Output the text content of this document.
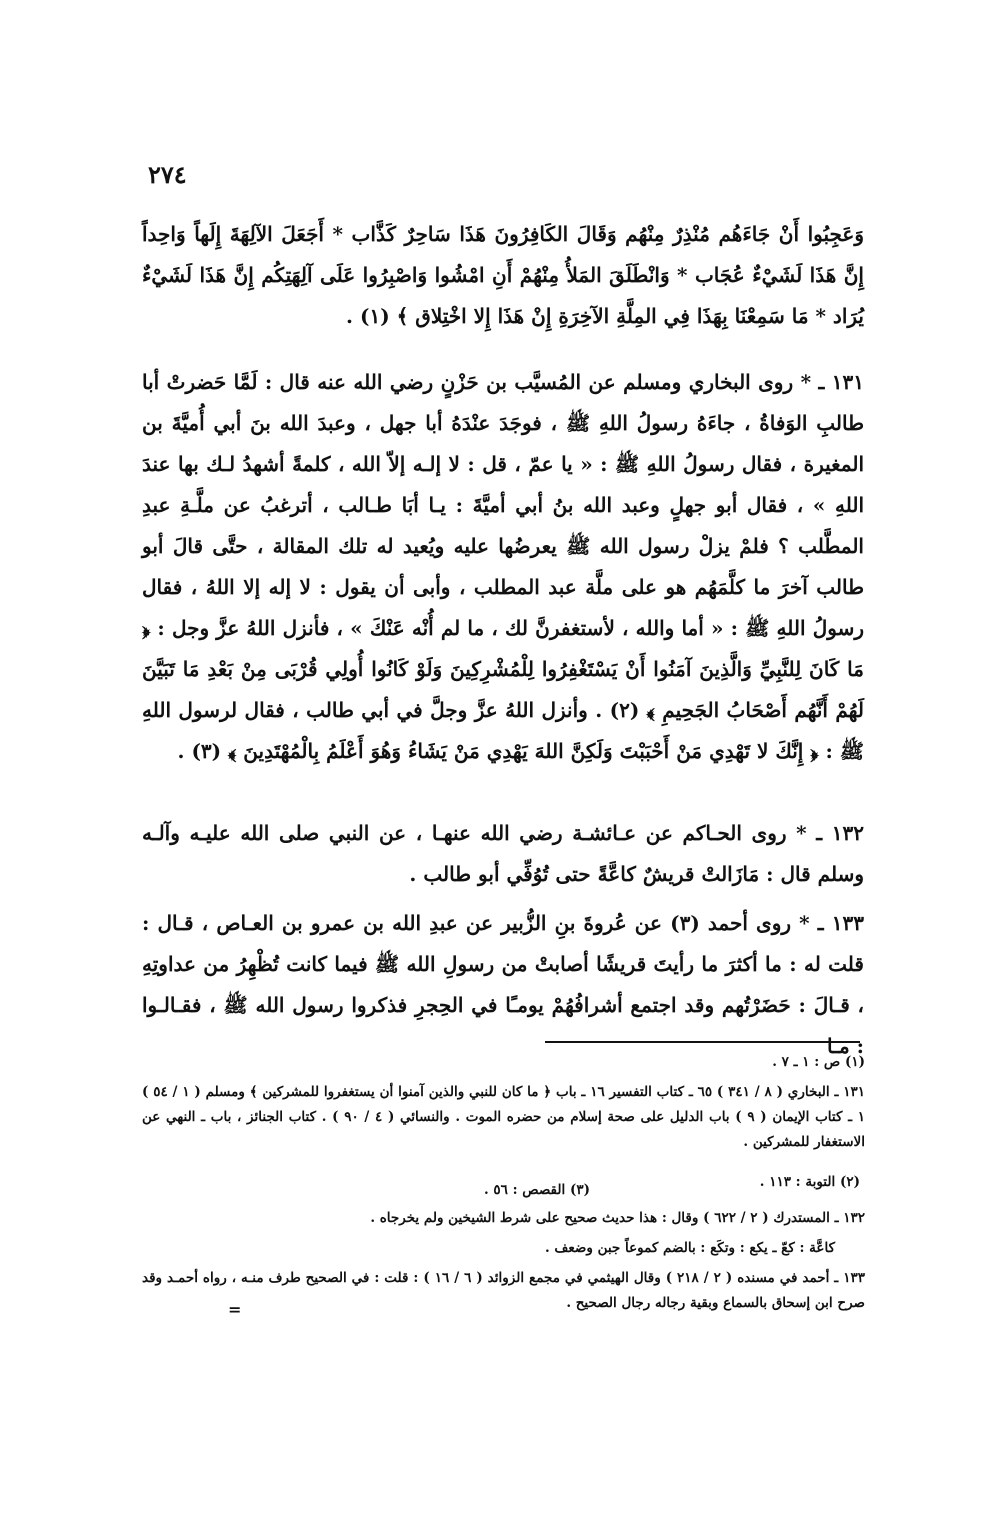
٢٧٤

وَعَجِبُوا أَنْ جَاءَهُم مُنْذِرٌ مِنْهُم وَقَالَ الكَافِرُونَ هَذَا سَاحِرٌ كَذَّاب * أَجَعَلَ الآلِهَةَ إِلَهاً وَاحِداً إِنَّ هَذَا لَشَيْءٌ عُجَاب * وَانْطَلَقَ المَلأُ مِنْهُمْ أَنِ امْشُوا وَاصْبِرُوا عَلَى آلِهَتِكُم إِنَّ هَذَا لَشَيْءٌ يُرَاد * مَا سَمِعْنَا بِهَذَا فِي المِلَّةِ الآخِرَةِ إِنْ هَذَا إِلا اخْتِلاق ﴾ (١) .

١٣١ ـ * روى البخاري ومسلم عن المُسيَّب بن حَزْنٍ رضي الله عنه قال : لَمَّا حَضرتْ أبا طالبِ الوَفاةُ ، جاءَهُ رسولُ اللهِ ﷺ ، فوجَدَ عنْدَهُ أبا جهل ، وعبدَ الله بنَ أبي أُميَّةَ بن المغيرة ، فقال رسولُ اللهِ ﷺ : « يا عمّ ، قل : لا إلـه إلاّ الله ، كلمةً أشهدُ لـك بها عندَ اللهِ » ، فقال أبو جهلٍ وعبد الله بنُ أبي أميَّةَ : يـا أبَا طـالب ، أترغبُ عن ملَّـةِ عبدِ المطَّلب ؟ فلمْ يزلْ رسول الله ﷺ يعرضُها عليه ويُعيد له تلك المقالة ، حتَّى قالَ أبو طالب آخرَ ما كلَّمَهُم هو على ملَّة عبد المطلب ، وأبى أن يقول : لا إله إلا اللهُ ، فقال رسولُ اللهِ ﷺ : « أما والله ، لأستغفرنَّ لك ، ما لم أُنْه عَنْكَ » ، فأنزل اللهُ عزَّ وجل : ﴿ مَا كَانَ لِلنَّبِيِّ وَالَّذِينَ آمَنُوا أَنْ يَسْتَغْفِرُوا لِلْمُشْرِكِينَ وَلَوْ كَانُوا أُولِي قُرْبَى مِنْ بَعْدِ مَا تَبَيَّنَ لَهُمْ أَنَّهُم أَصْحَابُ الجَحِيمِ ﴾ (٢) . وأنزل اللهُ عزَّ وجلَّ في أبي طالب ، فقال لرسول اللهِ ﷺ : ﴿ إِنَّكَ لا تَهْدِي مَنْ أَحْبَبْتَ وَلَكِنَّ اللهَ يَهْدِي مَنْ يَشَاءُ وَهُوَ أَعْلَمُ بِالْمُهْتَدِينَ ﴾ (٣) .

١٣٢ ـ * روى الحـاكم عن عـائشـة رضي الله عنهـا ، عن النبي صلى الله عليـه وآلـه وسلم قال : مَازَالتْ قريشٌ كاعَّةً حتى تُوُفِّي أبو طالب .

١٣٣ ـ * روى أحمد (٣) عن عُروةَ بنِ الزُّبير عن عبدِ الله بن عمرو بن العـاص ، قـال : قلت له : ما أكثرَ ما رأيتَ قريشًا أصابتْ من رسولِ الله ﷺ فيما كانت تُظْهِرُ من عداوتِهِ ، قـالَ : حَضَرْتُهم وقد اجتمع أشرافُهُمْ يومـًا في الحِجرِ فذكروا رسول الله ﷺ ، فقـالـوا : مـا

(١) ص : ١ ـ ٧ .
١٣١ ـ البخاري ( ٨ / ٣٤١ ) ٦٥ ـ كتاب التفسير ١٦ ـ باب ﴿ ما كان للنبي والذين آمنوا أن يستغفروا للمشركين ﴾ ومسلم ( ١ / ٥٤ ) ١ ـ كتاب الإيمان ( ٩ ) باب الدليل على صحة إسلام من حضره الموت . والنسائي ( ٤ / ٩٠ ) . كتاب الجنائز ، باب ـ النهي عن الاستغفار للمشركين .
(٢) التوبة : ١١٣ .
(٣) القصص : ٥٦ .
١٣٢ ـ المستدرك ( ٢ / ٦٢٢ ) وقال : هذا حديث صحيح على شرط الشيخين ولم يخرجاه .
كاعَّة : كعّ ـ يكع : وتكَع : بالضم كموعاً جبن وضعف .
١٣٣ ـ أحمد في مسنده ( ٢ / ٢١٨ ) وقال الهيثمي في مجمع الزوائد ( ٦ / ١٦ ) : قلت : في الصحيح طرف منـه ، رواه أحمـد وقد صرح ابن إسحاق بالسماع وبقية رجاله رجال الصحيح .
=
